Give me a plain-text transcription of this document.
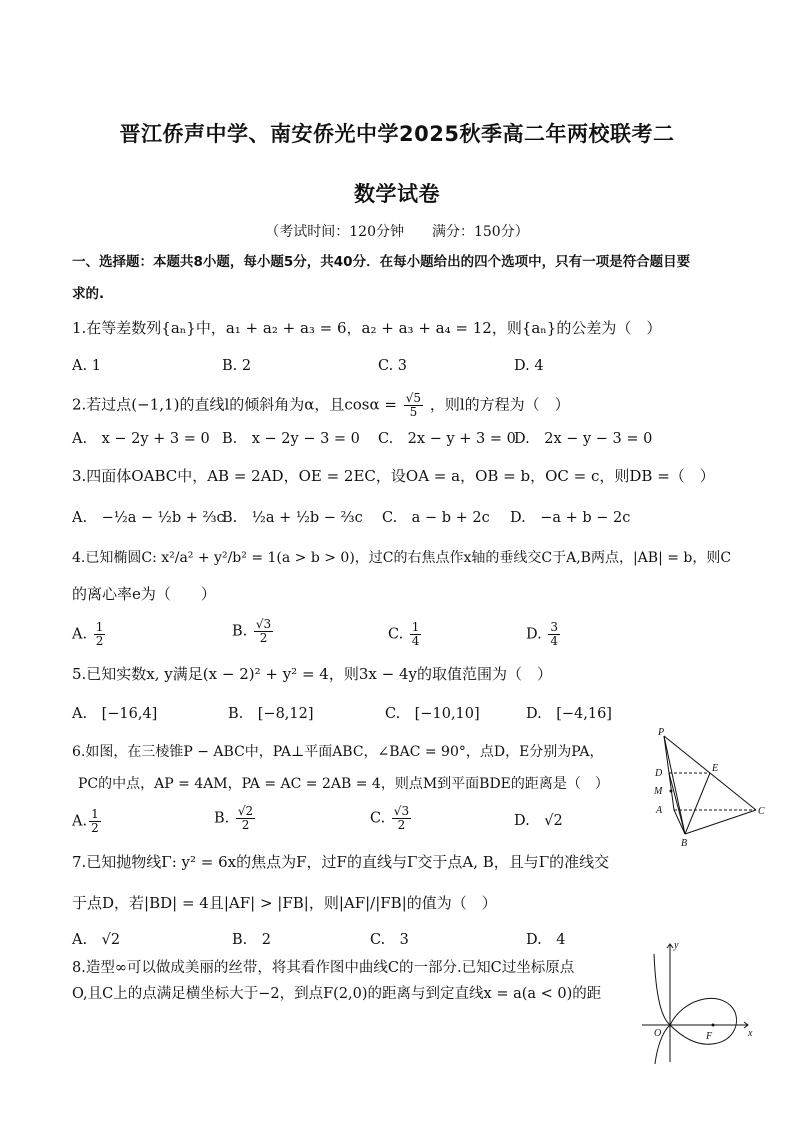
晋江侨声中学、南安侨光中学2025秋季高二年两校联考二
数学试卷
（考试时间：120分钟　　满分：150分）
一、选择题：本题共8小题，每小题5分，共40分．在每小题给出的四个选项中，只有一项是符合题目要
求的.
1.在等差数列{aₙ}中，a₁ + a₂ + a₃ = 6，a₂ + a₃ + a₄ = 12，则{aₙ}的公差为（　）
A. 1	B. 2	C. 3	D. 4
2.若过点(−1,1)的直线l的倾斜角为α，且$\cos\alpha = \frac{√5}{5}$ ，则l的方程为（　）
A.　x − 2y + 3 = 0 B.　x − 2y − 3 = 0 C.　2x − y + 3 = 0
D.　2x − y − 3 = 0
3.四面体OABC中，AB = 2AD，OE = 2EC，设OA = a，OB = b，OC = c，则DB =（　）
A.　−½a − ½b + ⅔c
B.　½a + ½b − ⅔c C.　a − b + 2c D.　−a + b − 2c
4.已知椭圆C: x²/a² + y²/b² = 1(a > b > 0)，过C的右焦点作x轴的垂线交C于A,B两点，|AB| = b，则C
的离心率e为（　　）
A. $\frac{1}{2}$	B. $\frac{√3}{2}$	C. $\frac{1}{4}$	D. $\frac{3}{4}$
5.已知实数x, y满足(x − 2)² + y² = 4，则3x − 4y的取值范围为（　）
A.　[−16,4]	B.　[−8,12]	C.　[−10,10]	D.　[−4,16]
6.如图，在三棱锥P − ABC中，PA⊥平面ABC，∠BAC = 90°，点D，E分别为PA，
PC的中点，AP = 4AM，PA = AC = 2AB = 4，则点M到平面BDE的距离是（　）
A. $\frac{1}{2}$	B. $\frac{√2}{2}$	C. $\frac{√3}{2}$	D.　√2
P
D
M
A
B
C
E
7.已知抛物线Γ: y² = 6x的焦点为F，过F的直线与Γ交于点A, B，且与Γ的准线交
于点D，若|BD| = 4且|AF| > |FB|，则|AF|/|FB|的值为（　）
A.　√2	B.　2	C.　3	D.　4
8.造型∞可以做成美丽的丝带，将其看作图中曲线C的一部分.已知C过坐标原点
O,且C上的点满足横坐标大于−2，到点F(2,0)的距离与到定直线x = a(a < 0)的距
y
x
O	F
